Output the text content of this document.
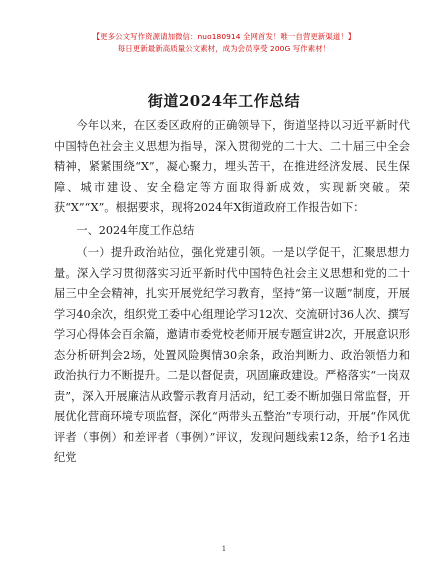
【更多公文写作资源请加微信：nuo180914 全网首发！唯一自营更新渠道！】
每日更新最新高质量公文素材，成为会员享受 200G 写作素材！
街道2024年工作总结

今年以来，在区委区政府的正确领导下，街道坚持以习近平新时代中国特色社会主义思想为指导，深入贯彻党的二十大、二十届三中全会精神，紧紧围绕“X”，凝心聚力，埋头苦干，在推进经济发展、民生保障、城市建设、安全稳定等方面取得新成效，实现新突破。荣获“X”“X”。根据要求，现将2024年X街道政府工作报告如下：

一、2024年度工作总结

（一）提升政治站位，强化党建引领。一是以学促干，汇聚思想力量。深入学习贯彻落实习近平新时代中国特色社会主义思想和党的二十届三中全会精神，扎实开展党纪学习教育，坚持“第一议题”制度，开展学习40余次，组织党工委中心组理论学习12次、交流研讨36人次、撰写学习心得体会百余篇，邀请市委党校老师开展专题宣讲2次，开展意识形态分析研判会2场，处置风险舆情30余条，政治判断力、政治领悟力和政治执行力不断提升。二是以督促责，巩固廉政建设。严格落实“一岗双责”，深入开展廉洁从政警示教育月活动，纪工委不断加强日常监督，开展优化营商环境专项监督，深化“两带头五整治”专项行动，开展“作风优评者（事例）和差评者（事例）”评议，发现问题线索12条，给予1名违纪党

1
